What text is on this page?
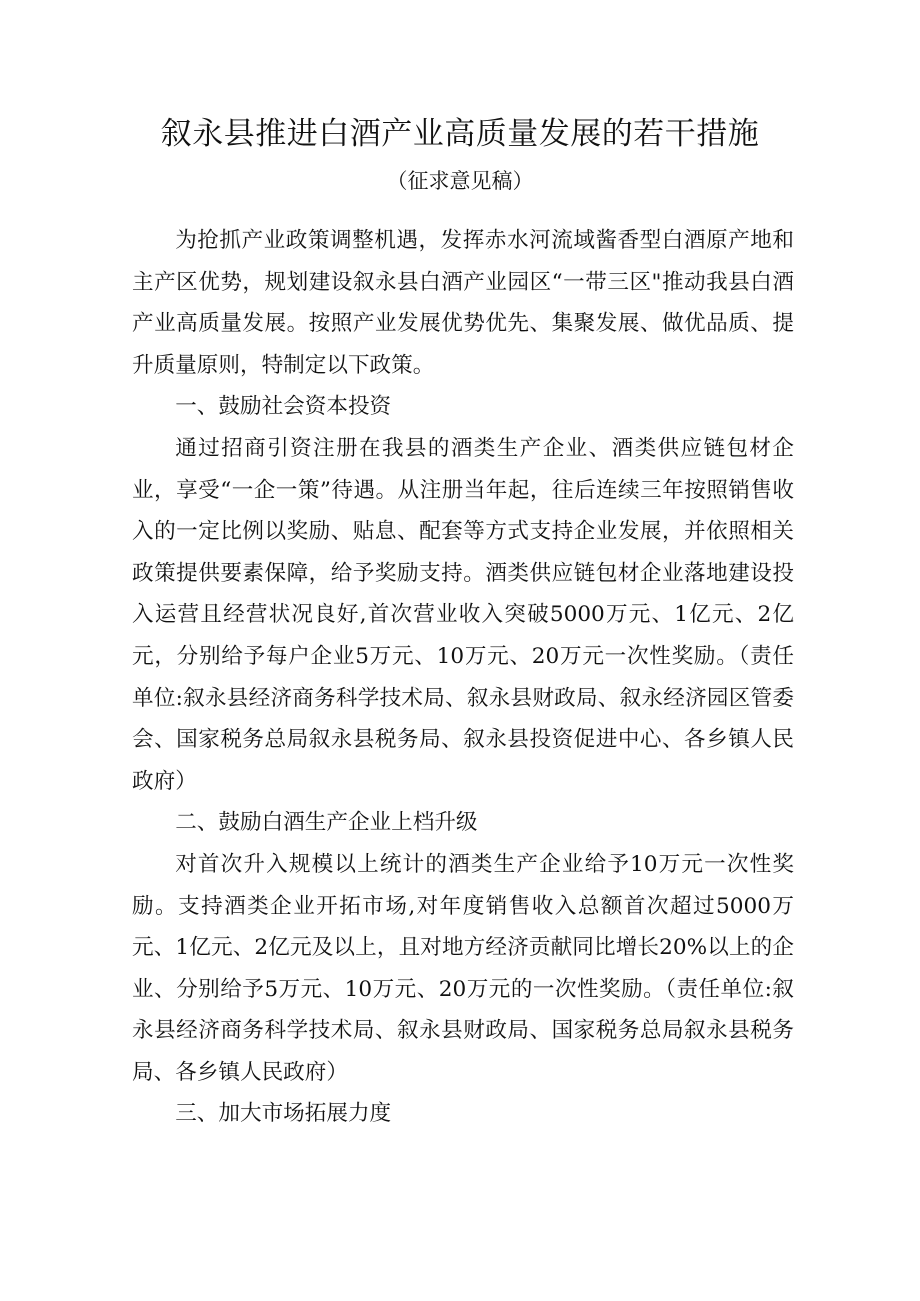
叙永县推进白酒产业高质量发展的若干措施
（征求意见稿）

为抢抓产业政策调整机遇，发挥赤水河流域酱香型白酒原产地和主产区优势，规划建设叙永县白酒产业园区“一带三区"推动我县白酒产业高质量发展。按照产业发展优势优先、集聚发展、做优品质、提升质量原则，特制定以下政策。

一、鼓励社会资本投资

通过招商引资注册在我县的酒类生产企业、酒类供应链包材企业，享受“一企一策”待遇。从注册当年起，往后连续三年按照销售收入的一定比例以奖励、贴息、配套等方式支持企业发展，并依照相关政策提供要素保障，给予奖励支持。酒类供应链包材企业落地建设投入运营且经营状况良好,首次营业收入突破5000万元、1亿元、2亿元，分别给予每户企业5万元、10万元、20万元一次性奖励。（责任单位:叙永县经济商务科学技术局、叙永县财政局、叙永经济园区管委会、国家税务总局叙永县税务局、叙永县投资促进中心、各乡镇人民政府）

二、鼓励白酒生产企业上档升级

对首次升入规模以上统计的酒类生产企业给予10万元一次性奖励。支持酒类企业开拓市场,对年度销售收入总额首次超过5000万元、1亿元、2亿元及以上，且对地方经济贡献同比增长20%以上的企业、分别给予5万元、10万元、20万元的一次性奖励。（责任单位:叙永县经济商务科学技术局、叙永县财政局、国家税务总局叙永县税务局、各乡镇人民政府）

三、加大市场拓展力度
